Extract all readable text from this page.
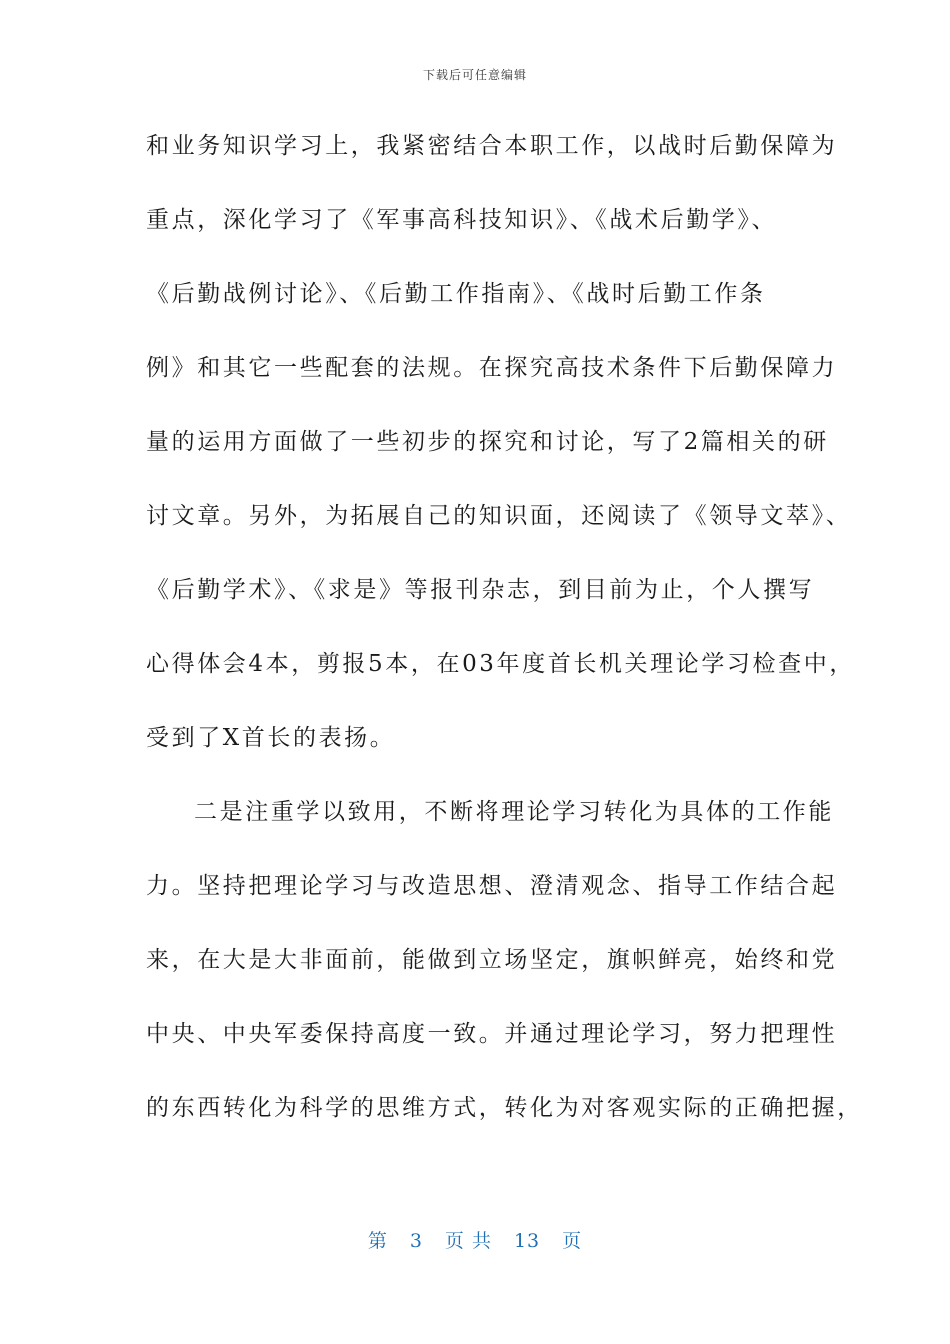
下载后可任意编辑
和业务知识学习上，我紧密结合本职工作，以战时后勤保障为
重点，深化学习了《军事高科技知识》、《战术后勤学》、
《后勤战例讨论》、《后勤工作指南》、《战时后勤工作条
例》和其它一些配套的法规。在探究高技术条件下后勤保障力
量的运用方面做了一些初步的探究和讨论，写了2篇相关的研
讨文章。另外，为拓展自己的知识面，还阅读了《领导文萃》、
《后勤学术》、《求是》等报刊杂志，到目前为止，个人撰写
心得体会4本，剪报5本，在03年度首长机关理论学习检查中，
受到了X首长的表扬。
二是注重学以致用，不断将理论学习转化为具体的工作能
力。坚持把理论学习与改造思想、澄清观念、指导工作结合起
来，在大是大非面前，能做到立场坚定，旗帜鲜亮，始终和党
中央、中央军委保持高度一致。并通过理论学习，努力把理性
的东西转化为科学的思维方式，转化为对客观实际的正确把握，
第 3 页 共 13 页
